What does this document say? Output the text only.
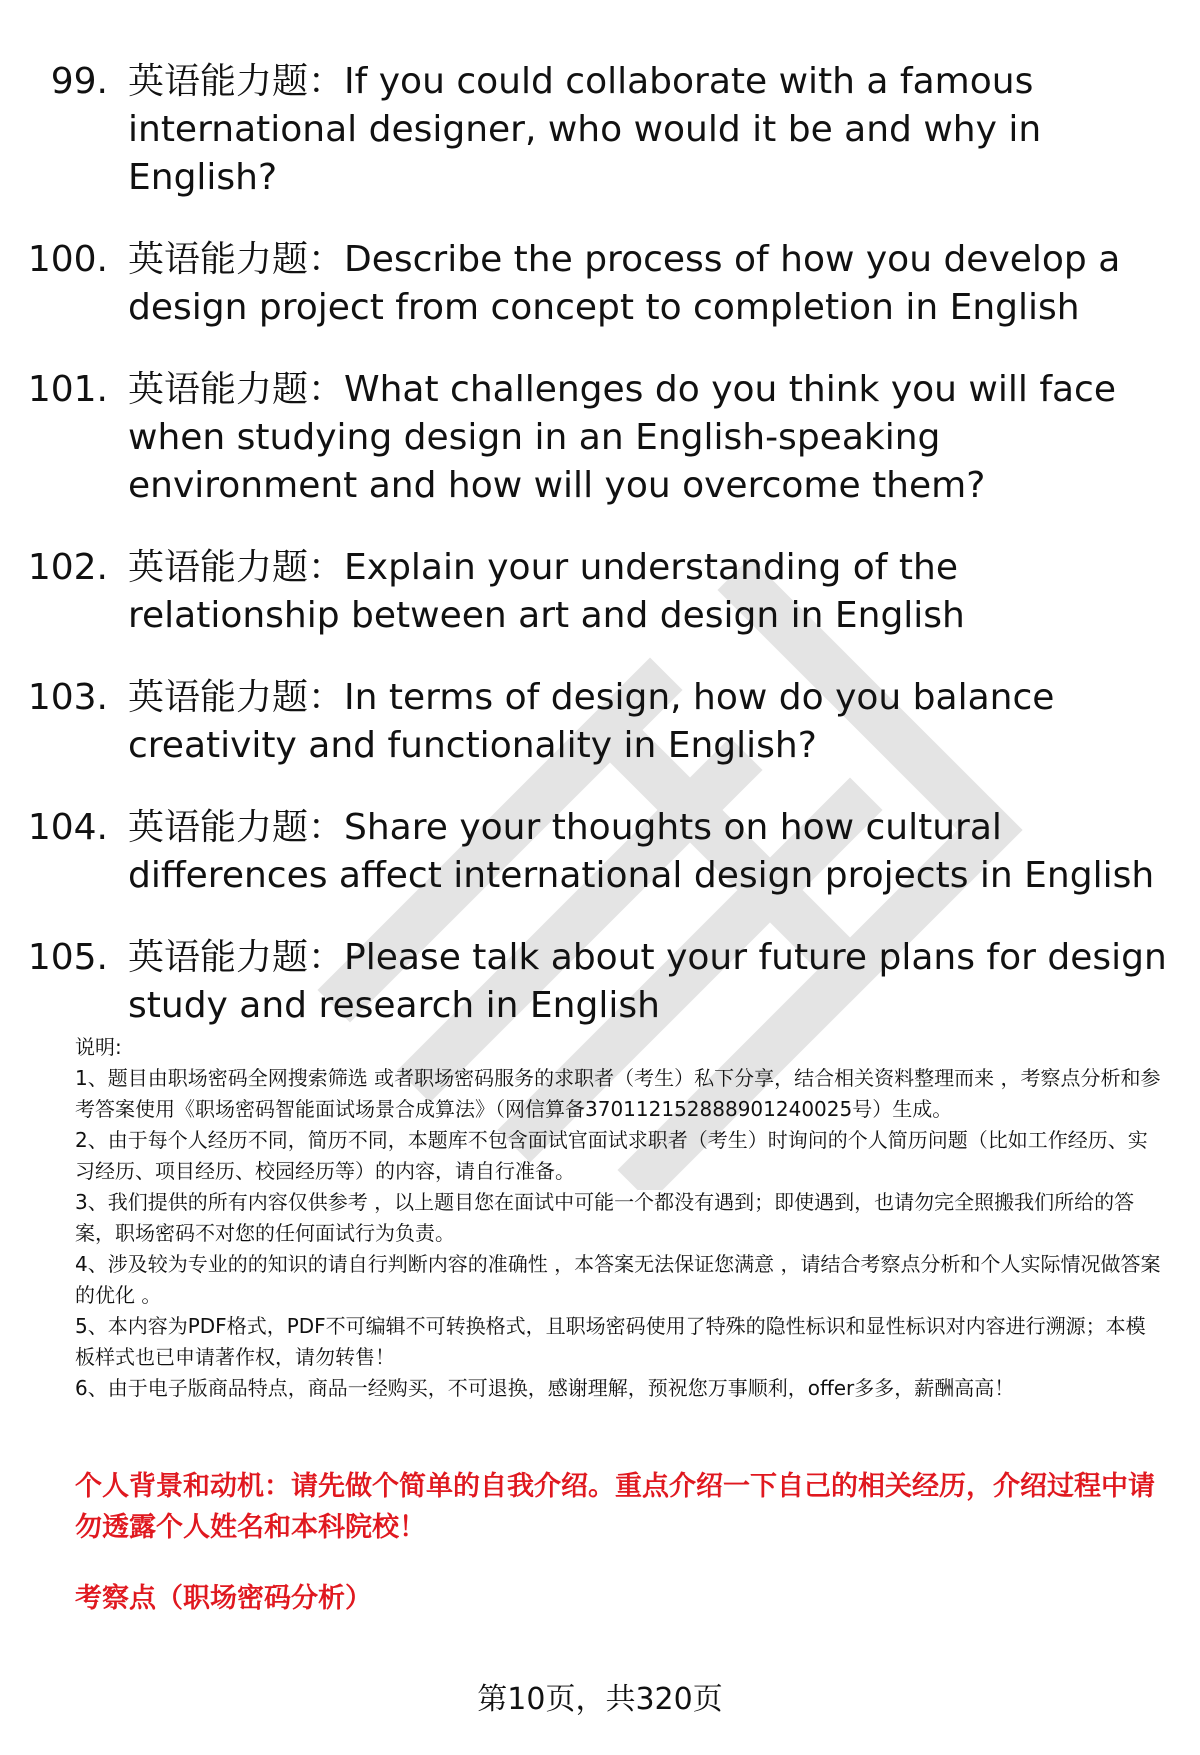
99. 英语能力题：If you could collaborate with a famous international designer, who would it be and why in English?
100. 英语能力题：Describe the process of how you develop a design project from concept to completion in English
101. 英语能力题：What challenges do you think you will face when studying design in an English-speaking environment and how will you overcome them?
102. 英语能力题：Explain your understanding of the relationship between art and design in English
103. 英语能力题：In terms of design, how do you balance creativity and functionality in English?
104. 英语能力题：Share your thoughts on how cultural differences affect international design projects in English
105. 英语能力题：Please talk about your future plans for design study and research in English

说明:

1、题目由职场密码全网搜索筛选 或者职场密码服务的求职者（考生）私下分享，结合相关资料整理而来 ，考察点分析和参考答案使用《职场密码智能面试场景合成算法》（网信算备370112152888901240025号）生成。

2、由于每个人经历不同，简历不同，本题库不包含面试官面试求职者（考生）时询问的个人简历问题（比如工作经历、实习经历、项目经历、校园经历等）的内容，请自行准备。

3、我们提供的所有内容仅供参考 ，以上题目您在面试中可能一个都没有遇到；即使遇到，也请勿完全照搬我们所给的答案，职场密码不对您的任何面试行为负责。

4、涉及较为专业的的知识的请自行判断内容的准确性 ，本答案无法保证您满意 ，请结合考察点分析和个人实际情况做答案的优化 。

5、本内容为PDF格式，PDF不可编辑不可转换格式，且职场密码使用了特殊的隐性标识和显性标识对内容进行溯源；本模板样式也已申请著作权，请勿转售！

6、由于电子版商品特点，商品一经购买，不可退换，感谢理解，预祝您万事顺利，offer多多，薪酬高高！

个人背景和动机：请先做个简单的自我介绍。重点介绍一下自己的相关经历，介绍过程中请勿透露个人姓名和本科院校！
考察点（职场密码分析）
第10页，共320页
